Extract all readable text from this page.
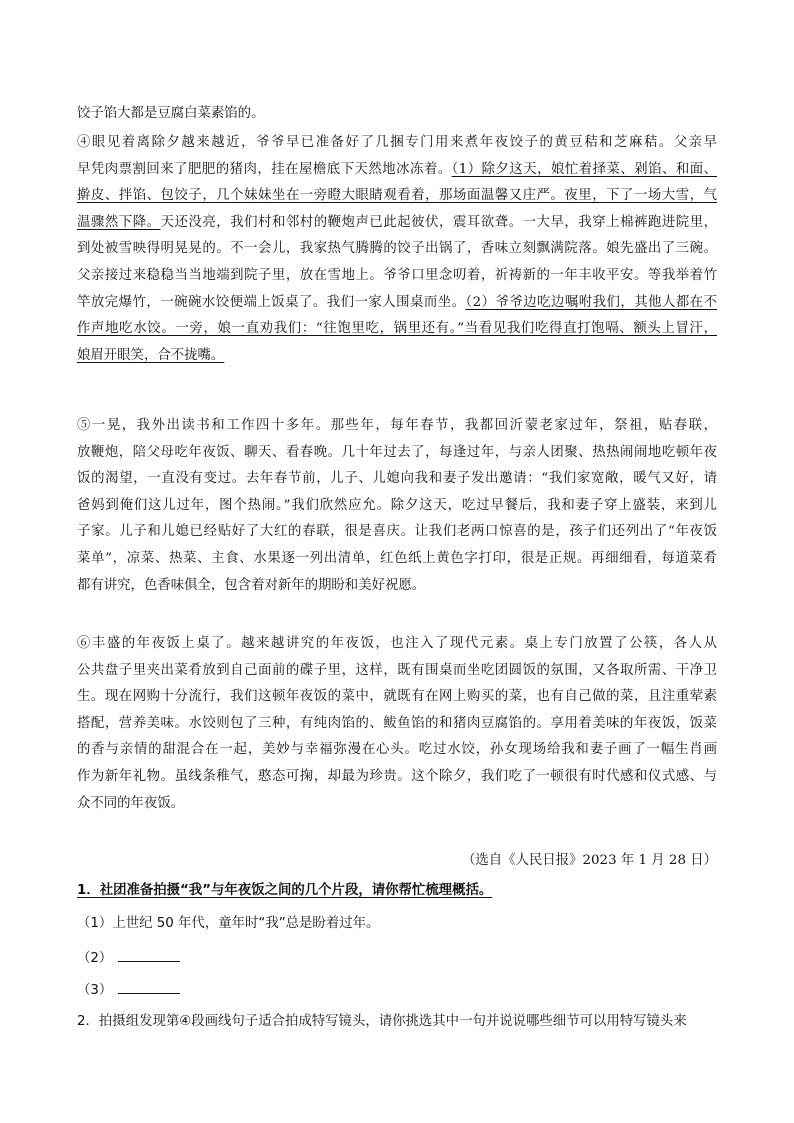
饺子馅大都是豆腐白菜素馅的。
④眼见着离除夕越来越近，爷爷早已准备好了几捆专门用来煮年夜饺子的黄豆秸和芝麻秸。父亲早
早凭肉票割回来了肥肥的猪肉，挂在屋檐底下天然地冰冻着。（1）除夕这天，娘忙着择菜、剁馅、和面、
擀皮、拌馅、包饺子，几个妹妹坐在一旁瞪大眼睛观看着，那场面温馨又庄严。夜里，下了一场大雪，气
温骤然下降。天还没亮，我们村和邻村的鞭炮声已此起彼伏，震耳欲聋。一大早，我穿上棉裤跑进院里，
到处被雪映得明晃晃的。不一会儿，我家热气腾腾的饺子出锅了，香味立刻飘满院落。娘先盛出了三碗。
父亲接过来稳稳当当地端到院子里，放在雪地上。爷爷口里念叨着，祈祷新的一年丰收平安。等我举着竹
竿放完爆竹，一碗碗水饺便端上饭桌了。我们一家人围桌而坐。（2）爷爷边吃边嘱咐我们，其他人都在不
作声地吃水饺。一旁，娘一直劝我们：“往饱里吃，锅里还有。”当看见我们吃得直打饱嗝、额头上冒汗，
娘眉开眼笑，合不拢嘴。
⑤一晃，我外出读书和工作四十多年。那些年，每年春节，我都回沂蒙老家过年，祭祖，贴春联，
放鞭炮，陪父母吃年夜饭、聊天、看春晚。几十年过去了，每逢过年，与亲人团聚、热热闹闹地吃顿年夜
饭的渴望，一直没有变过。去年春节前，儿子、儿媳向我和妻子发出邀请：“我们家宽敞，暖气又好，请
爸妈到俺们这儿过年，图个热闹。”我们欣然应允。除夕这天，吃过早餐后，我和妻子穿上盛装，来到儿
子家。儿子和儿媳已经贴好了大红的春联，很是喜庆。让我们老两口惊喜的是，孩子们还列出了“年夜饭
菜单”，凉菜、热菜、主食、水果逐一列出清单，红色纸上黄色字打印，很是正规。再细细看，每道菜肴
都有讲究，色香味俱全，包含着对新年的期盼和美好祝愿。
⑥丰盛的年夜饭上桌了。越来越讲究的年夜饭，也注入了现代元素。桌上专门放置了公筷，各人从
公共盘子里夹出菜肴放到自己面前的碟子里，这样，既有围桌而坐吃团圆饭的氛围，又各取所需、干净卫
生。现在网购十分流行，我们这顿年夜饭的菜中，就既有在网上购买的菜，也有自己做的菜，且注重荤素
搭配，营养美味。水饺则包了三种，有纯肉馅的、鲅鱼馅的和猪肉豆腐馅的。享用着美味的年夜饭，饭菜
的香与亲情的甜混合在一起，美妙与幸福弥漫在心头。吃过水饺，孙女现场给我和妻子画了一幅生肖画
作为新年礼物。虽线条稚气，憨态可掬，却最为珍贵。这个除夕，我们吃了一顿很有时代感和仪式感、与
众不同的年夜饭。
（选自《人民日报》2023 年 1 月 28 日）
1．社团准备拍摄“我”与年夜饭之间的几个片段，请你帮忙梳理概括。
（1）上世纪 50 年代，童年时“我”总是盼着过年。
（2）
（3）
2．拍摄组发现第④段画线句子适合拍成特写镜头，请你挑选其中一句并说说哪些细节可以用特写镜头来
